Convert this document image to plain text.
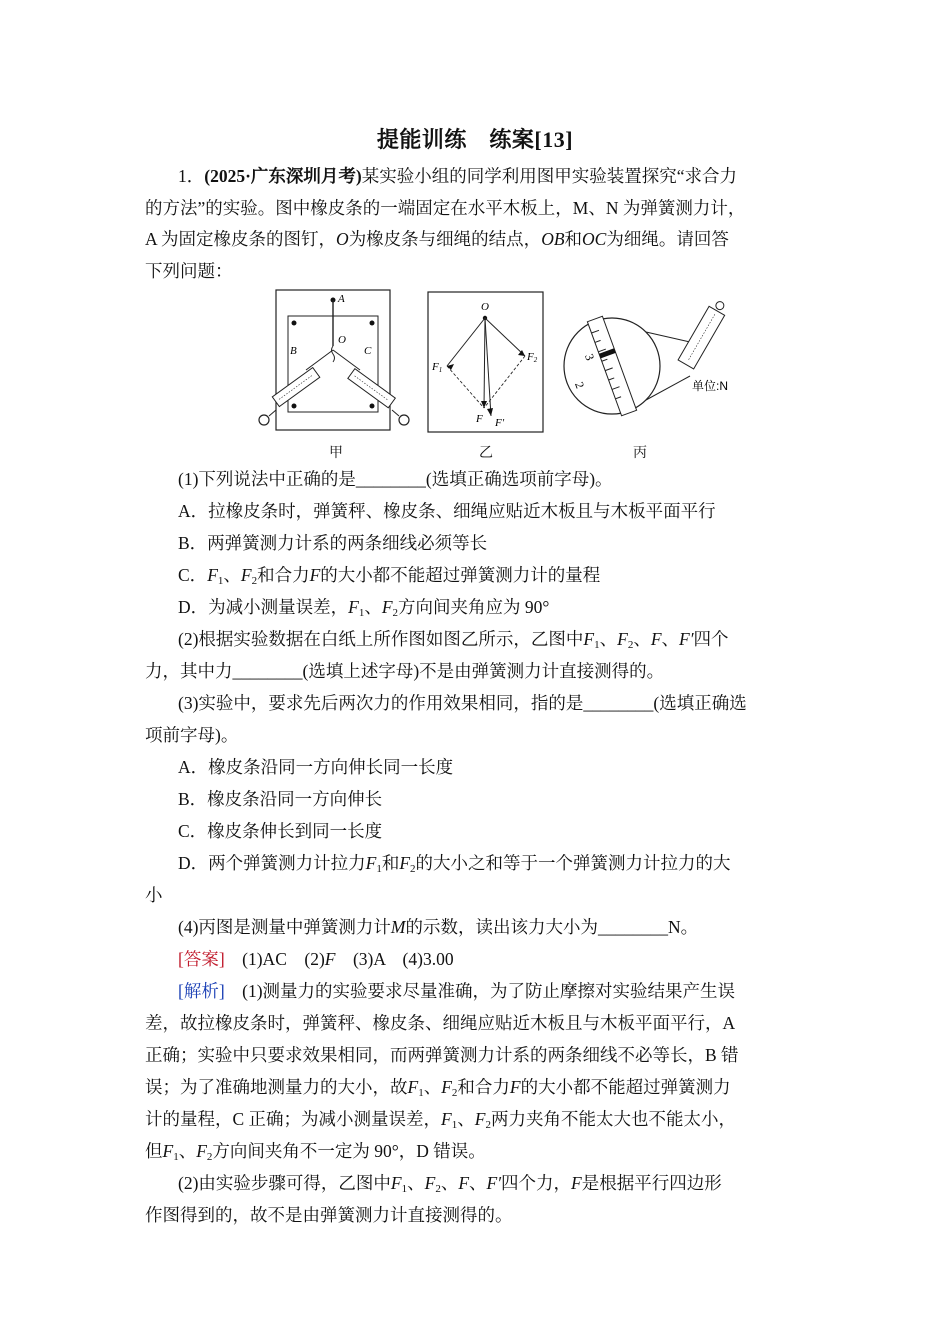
提能训练　练案[13]
1．(2025·广东深圳月考)某实验小组的同学利用图甲实验装置探究“求合力
的方法”的实验。图中橡皮条的一端固定在水平木板上，M、N 为弹簧测力计，
A 为固定橡皮条的图钉，O为橡皮条与细绳的结点，OB和OC为细绳。请回答
下列问题：
A
B	C
O
甲
O
F1
F2
F F′
乙
3
2	单位:N
丙
(1)下列说法中正确的是________(选填正确选项前字母)。
A．拉橡皮条时，弹簧秤、橡皮条、细绳应贴近木板且与木板平面平行
B．两弹簧测力计系的两条细线必须等长
C．$F_1$、$F_2$和合力F的大小都不能超过弹簧测力计的量程
D．为减小测量误差，$F_1$、$F_2$方向间夹角应为 90°
(2)根据实验数据在白纸上所作图如图乙所示，乙图中$F_1$、$F_2$、F、F′四个
力，其中力________(选填上述字母)不是由弹簧测力计直接测得的。
(3)实验中，要求先后两次力的作用效果相同，指的是________(选填正确选
项前字母)。
A．橡皮条沿同一方向伸长同一长度
B．橡皮条沿同一方向伸长
C．橡皮条伸长到同一长度
D．两个弹簧测力计拉力$F_1$和$F_2$的大小之和等于一个弹簧测力计拉力的大
小
(4)丙图是测量中弹簧测力计M的示数，读出该力大小为________N。
[答案]　(1)AC　(2)F　(3)A　(4)3.00
[解析]　(1)测量力的实验要求尽量准确，为了防止摩擦对实验结果产生误
差，故拉橡皮条时，弹簧秤、橡皮条、细绳应贴近木板且与木板平面平行，A
正确；实验中只要求效果相同，而两弹簧测力计系的两条细线不必等长，B 错
误；为了准确地测量力的大小，故$F_1$、$F_2$和合力F的大小都不能超过弹簧测力
计的量程，C 正确；为减小测量误差，$F_1$、$F_2$两力夹角不能太大也不能太小，
但$F_1$、$F_2$方向间夹角不一定为 90°，D 错误。
(2)由实验步骤可得，乙图中$F_1$、$F_2$、F、F′四个力，F是根据平行四边形
作图得到的，故不是由弹簧测力计直接测得的。
